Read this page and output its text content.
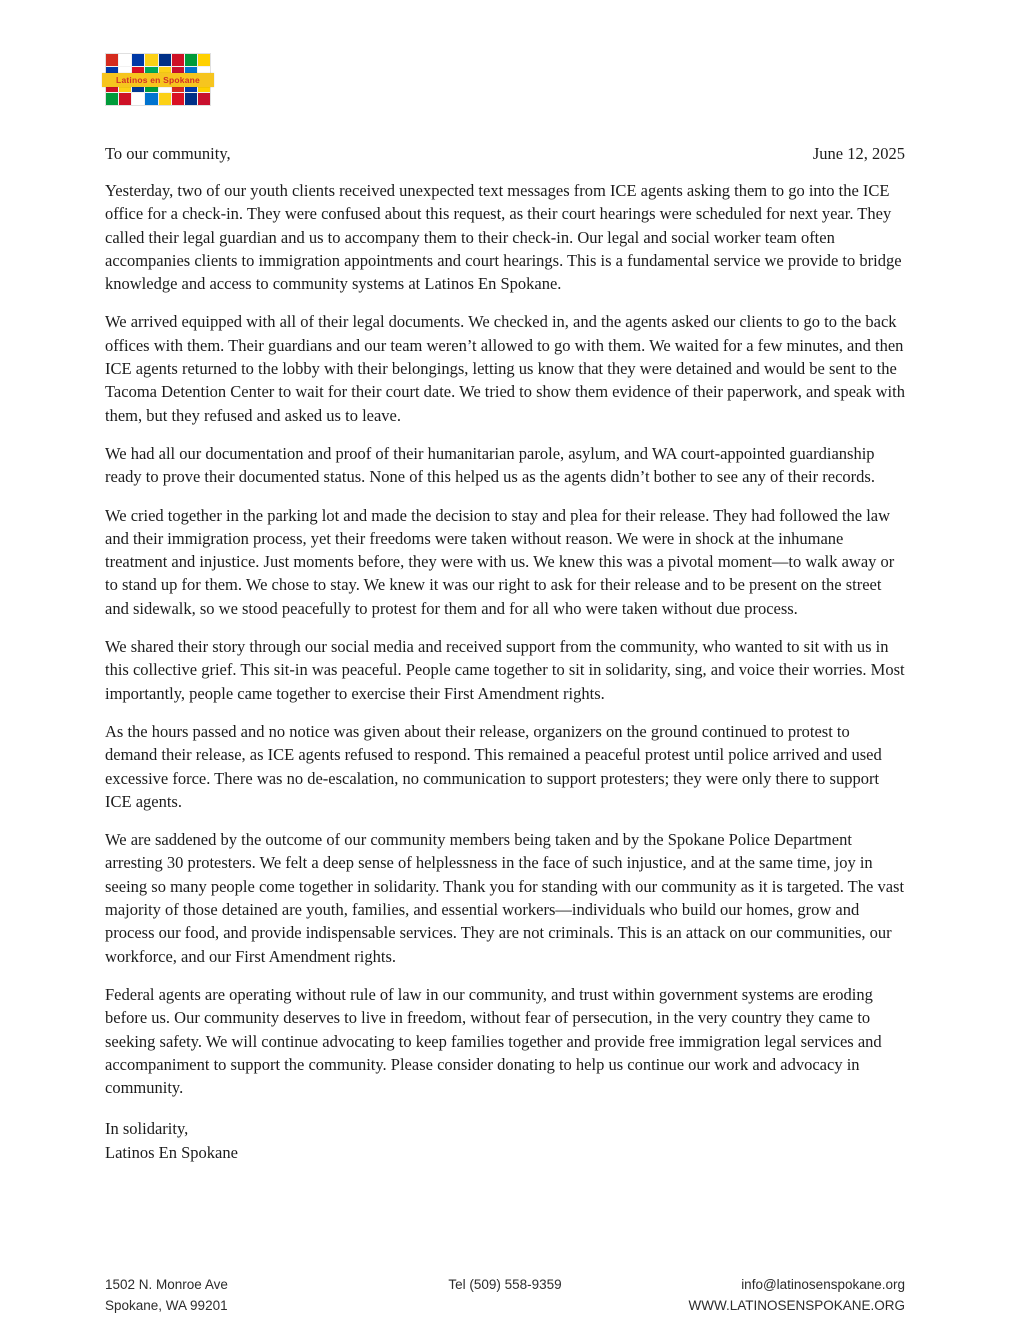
Latinos en Spokane
To our community,	June 12, 2025

Yesterday, two of our youth clients received unexpected text messages from ICE agents asking them to go into the ICE office for a check-in. They were confused about this request, as their court hearings were scheduled for next year. They called their legal guardian and us to accompany them to their check-in. Our legal and social worker team often accompanies clients to immigration appointments and court hearings. This is a fundamental service we provide to bridge knowledge and access to community systems at Latinos En Spokane.

We arrived equipped with all of their legal documents. We checked in, and the agents asked our clients to go to the back offices with them. Their guardians and our team weren’t allowed to go with them. We waited for a few minutes, and then ICE agents returned to the lobby with their belongings, letting us know that they were detained and would be sent to the Tacoma Detention Center to wait for their court date. We tried to show them evidence of their paperwork, and speak with them, but they refused and asked us to leave.

We had all our documentation and proof of their humanitarian parole, asylum, and WA court-appointed guardianship ready to prove their documented status. None of this helped us as the agents didn’t bother to see any of their records.

We cried together in the parking lot and made the decision to stay and plea for their release. They had followed the law and their immigration process, yet their freedoms were taken without reason. We were in shock at the inhumane treatment and injustice. Just moments before, they were with us. We knew this was a pivotal moment—to walk away or to stand up for them. We chose to stay. We knew it was our right to ask for their release and to be present on the street and sidewalk, so we stood peacefully to protest for them and for all who were taken without due process.

We shared their story through our social media and received support from the community, who wanted to sit with us in this collective grief. This sit-in was peaceful. People came together to sit in solidarity, sing, and voice their worries. Most importantly, people came together to exercise their First Amendment rights.

As the hours passed and no notice was given about their release, organizers on the ground continued to protest to demand their release, as ICE agents refused to respond. This remained a peaceful protest until police arrived and used excessive force. There was no de-escalation, no communication to support protesters; they were only there to support ICE agents.

We are saddened by the outcome of our community members being taken and by the Spokane Police Department arresting 30 protesters. We felt a deep sense of helplessness in the face of such injustice, and at the same time, joy in seeing so many people come together in solidarity. Thank you for standing with our community as it is targeted. The vast majority of those detained are youth, families, and essential workers—individuals who build our homes, grow and process our food, and provide indispensable services. They are not criminals. This is an attack on our communities, our workforce, and our First Amendment rights.

Federal agents are operating without rule of law in our community, and trust within government systems are eroding before us. Our community deserves to live in freedom, without fear of persecution, in the very country they came to seeking safety. We will continue advocating to keep families together and provide free immigration legal services and accompaniment to support the community. Please consider donating to help us continue our work and advocacy in community.

In solidarity,
Latinos En Spokane
1502 N. Monroe Ave
Spokane, WA 99201
Tel (509) 558-9359	info@latinosenspokane.org
WWW.LATINOSENSPOKANE.ORG
